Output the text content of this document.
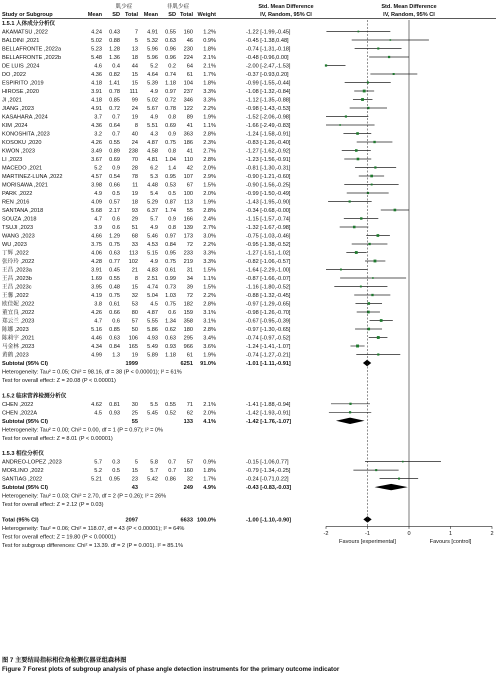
肌少症	非肌少症	Std. Mean Difference	Std. Mean Difference
Study or Subgroup	Mean SD Total Mean SD Total Weight	IV, Random, 95% CI	IV, Random, 95% CI
1.5.1 人体成分分析仪
AKAMATSU ,2022	4.24 0.43	7 4.91 0.55 160 1.2%	-1.22 [-1.99,-0.45]
BALDINI ,2021	5.02 0.88	5 5.32 0.63 46 0.9%	-0.45 [-1.38,0.48]
BELLAFRONTE ,2022a	5.23 1.28 13 5.96 0.96 230 1.8%	-0.74 [-1.31,-0.18]
BELLAFRONTE ,2022b	5.48 1.36 18 5.96 0.96 224 2.1%	-0.48 [-0.96,0.00]
DE LUIS ,2024	4.6 0.4 44 5.2 0.2 64 2.1%	-2.00 [-2.47,-1.53]
DO ,2022	4.36 0.82 15 4.64 0.74 61 1.7%	-0.37 [-0.93,0.20]
ESPIRITO ,2019	4.18 1.41 15 5.39 1.18 104 1.8%	-0.99 [-1.55,-0.44]
HIROSE ,2020	3.91 0.78 111 4.9 0.97 237 3.3%	-1.08 [-1.32,-0.84]
JI ,2021	4.18 0.85 99 5.02 0.72 346 3.3%	-1.12 [-1.35,-0.88]
JIANG ,2023	4.91 0.72 24 5.67 0.78 122 2.2%	-0.98 [-1.43,-0.53]
KASAHARA ,2024	3.7 0.7 19 4.9 0.8 89 1.9%	-1.52 [-2.06,-0.98]
KIM ,2024	4.36 0.64	8 5.51 0.69 41 1.1%	-1.66 [-2.49,-0.83]
KONOSHITA ,2023	3.2 0.7 40 4.3 0.9 363 2.8%	-1.24 [-1.58,-0.91]
KOSOKU ,2020	4.26 0.55 24 4.87 0.75 186 2.3%	-0.83 [-1.26,-0.40]
KWON ,2023	3.49 0.89 238 4.58 0.8 41 2.7%	-1.27 [-1.62,-0.92]
LI ,2023	3.67 0.69 70 4.81 1.04 110 2.8%	-1.23 [-1.56,-0.91]
MACEDO ,2021	5.2 0.9 28 6.2 1.4 42 2.0%	-0.81 [-1.30,-0.31]
MARTINEZ-LUNA ,2022	4.57 0.54 78 5.3 0.95 107 2.9%	-0.90 [-1.21,-0.60]
MORISAWA ,2021	3.98 0.66 11 4.48 0.53 67 1.5%	-0.90 [-1.56,-0.25]
PARK ,2022	4.9 0.5 19 5.4 0.5 100 2.0%	-0.99 [-1.50,-0.49]
REN ,2016	4.09 0.57 18 5.29 0.87 113 1.9%	-1.43 [-1.95,-0.90]
SANTANA ,2018	5.68 2.17 93 6.37 1.74 55 2.8%	-0.34 [-0.68,-0.00]
SOUZA ,2018	4.7 0.6 29 5.7 0.9 166 2.4%	-1.15 [-1.57,-0.74]
TSUJI ,2023	3.9 0.6 51 4.9 0.8 139 2.7%	-1.32 [-1.67,-0.98]
WANG ,2023	4.66 1.29 68 5.46 0.97 173 3.0%	-0.75 [-1.03,-0.46]
WU ,2023	3.75 0.75 33 4.53 0.84 72 2.2%	-0.95 [-1.38,-0.52]
丁辉 ,2022	4.06 0.63 113 5.15 0.95 233 3.3%	-1.27 [-1.51,-1.02]
张玲玲 ,2022	4.28 0.77 102 4.9 0.75 219 3.3%	-0.82 [-1.06,-0.57]
王昌 ,2023a	3.91 0.45 21 4.83 0.61 31 1.5%	-1.64 [-2.29,-1.00]
王昌 ,2023b	1.69 0.55	8 2.51 0.99 34 1.1%	-0.87 [-1.66,-0.07]
王昌 ,2023c	3.95 0.48 15 4.74 0.73 39 1.5%	-1.16 [-1.80,-0.52]
王馨 ,2022	4.19 0.75 32 5.04 1.03 72 2.2%	-0.88 [-1.32,-0.45]
欧佳妮 ,2022	3.8 0.61 53 4.5 0.75 182 2.8%	-0.97 [-1.29,-0.65]
董宜良 ,2022	4.26 0.66 80 4.87 0.6 159 3.1%	-0.98 [-1.26,-0.70]
郑云兰 ,2023	4.7 0.6 57 5.55 1.34 358 3.1%	-0.67 [-0.95,-0.39]
陈娜 ,2023	5.16 0.85 50 5.86 0.62 180 2.8%	-0.97 [-1.30,-0.65]
陈莉宇 ,2021	4.46 0.63 106 4.93 0.63 295 3.4%	-0.74 [-0.97,-0.52]
马金林 ,2023	4.34 0.84 165 5.49 0.93 966 3.6%	-1.24 [-1.41,-1.07]
黄鹤 ,2023	4.99 1.3 19 5.89 1.18 61 1.9%	-0.74 [-1.27,-0.21]
Subtotal (95% CI)	1999	6251 91.0%	-1.01 [-1.11,-0.91]
Heterogeneity: Tau² = 0.05; Chi² = 98.16, df = 38 (P < 0.00001); I² = 61%
Test for overall effect: Z = 20.08 (P < 0.00001)
1.5.2 临床营养检测分析仪
CHEN ,2022	4.62 0.81 30 5.5 0.55 71 2.1%	-1.41 [-1.88,-0.94]
CHEN ,2022A	4.5 0.93 25 5.45 0.52 62 2.0%	-1.42 [-1.93,-0.91]
Subtotal (95% CI)	55	133 4.1%	-1.42 [-1.76,-1.07]
Heterogeneity: Tau² = 0.00; Chi² = 0.00, df = 1 (P = 0.97); I² = 0%
Test for overall effect: Z = 8.01 (P < 0.00001)
1.5.3 相位分析仪
ANDREO-LOPEZ ,2023	5.7 0.3	5 5.8 0.7 57 0.9%	-0.15 [-1.06,0.77]
MORLINO ,2022	5.2 0.5 15 5.7 0.7 160 1.8%	-0.79 [-1.34,-0.25]
SANTIAG ,2022	5.21 0.95 23 5.42 0.86 32 1.7%	-0.24 [-0.71,0.22]
Subtotal (95% CI)	43	249 4.9%	-0.43 [-0.83,-0.03]
Heterogeneity: Tau² = 0.03; Chi² = 2.70, df = 2 (P = 0.26); I² = 26%
Test for overall effect: Z = 2.12 (P = 0.03)
Total (95% CI)	2097	6633 100.0%	-1.00 [-1.10,-0.90]
Heterogeneity: Tau² = 0.06; Chi² = 118.07, df = 43 (P < 0.00001); I² = 64%
Test for overall effect: Z = 19.80 (P < 0.00001)
Test for subgroup differences: Chi² = 13.39. df = 2 (P = 0.001). I² = 85.1%
-2	-1	0	1	2
Favours [experimental]	Favours [control]
图 7 主要结局指标相位角检测仪器亚组森林图
Figure 7 Forest plots of subgroup analysis of phase angle detection instruments for the primary outcome indicator
